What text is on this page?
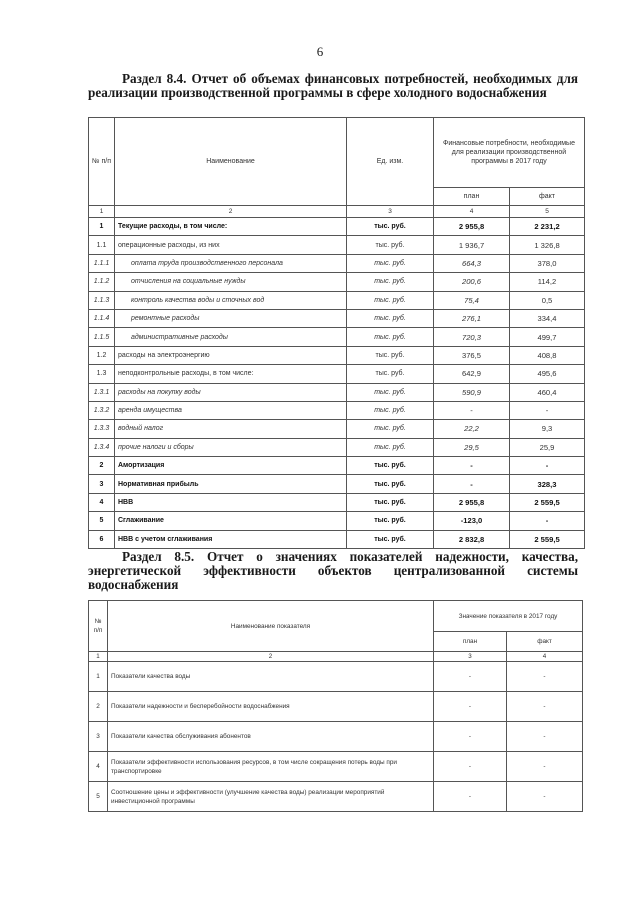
6
Раздел 8.4. Отчет об объемах финансовых потребностей, необходимых для реализации производственной программы в сфере холодного водоснабжения
№ п/п	Наименование	Ед. изм.	Финансовые потребности, необходимые для реализации производственной программы в 2017 году	
			план	факт
1	2	3	4	5
1	Текущие расходы, в том числе:	тыс. руб.	2 955,8	2 231,2
1.1	операционные расходы, из них	тыс. руб.	1 936,7	1 326,8
1.1.1	оплата труда производственного персонала	тыс. руб.	664,3	378,0
1.1.2	отчисления на социальные нужды	тыс. руб.	200,6	114,2
1.1.3	контроль качества воды и сточных вод	тыс. руб.	75,4	0,5
1.1.4	ремонтные расходы	тыс. руб.	276,1	334,4
1.1.5	административные расходы	тыс. руб.	720,3	499,7
1.2	расходы на электроэнергию	тыс. руб.	376,5	408,8
1.3	неподконтрольные расходы, в том числе:	тыс. руб.	642,9	495,6
1.3.1	расходы на покупку воды	тыс. руб.	590,9	460,4
1.3.2	аренда имущества	тыс. руб.	-	-
1.3.3	водный налог	тыс. руб.	22,2	9,3
1.3.4	прочие налоги и сборы	тыс. руб.	29,5	25,9
2	Амортизация	тыс. руб.	-	-
3	Нормативная прибыль	тыс. руб.	-	328,3
4	НВВ	тыс. руб.	2 955,8	2 559,5
5	Сглаживание	тыс. руб.	-123,0	-
6	НВВ с учетом сглаживания	тыс. руб.	2 832,8	2 559,5
Раздел 8.5. Отчет о значениях показателей надежности, качества, энергетической эффективности объектов централизованной системы водоснабжения
№ п/п	Наименование показателя	Значение показателя в 2017 году	
		план	факт
1	2	3	4
1	Показатели качества воды	-	-
2	Показатели надежности и бесперебойности водоснабжения	-	-
3	Показатели качества обслуживания абонентов	-	-
4	Показатели эффективности использования ресурсов, в том числе сокращения потерь воды при транспортировке	-	-
5	Соотношение цены и эффективности (улучшение качества воды) реализации мероприятий инвестиционной программы	-	-
